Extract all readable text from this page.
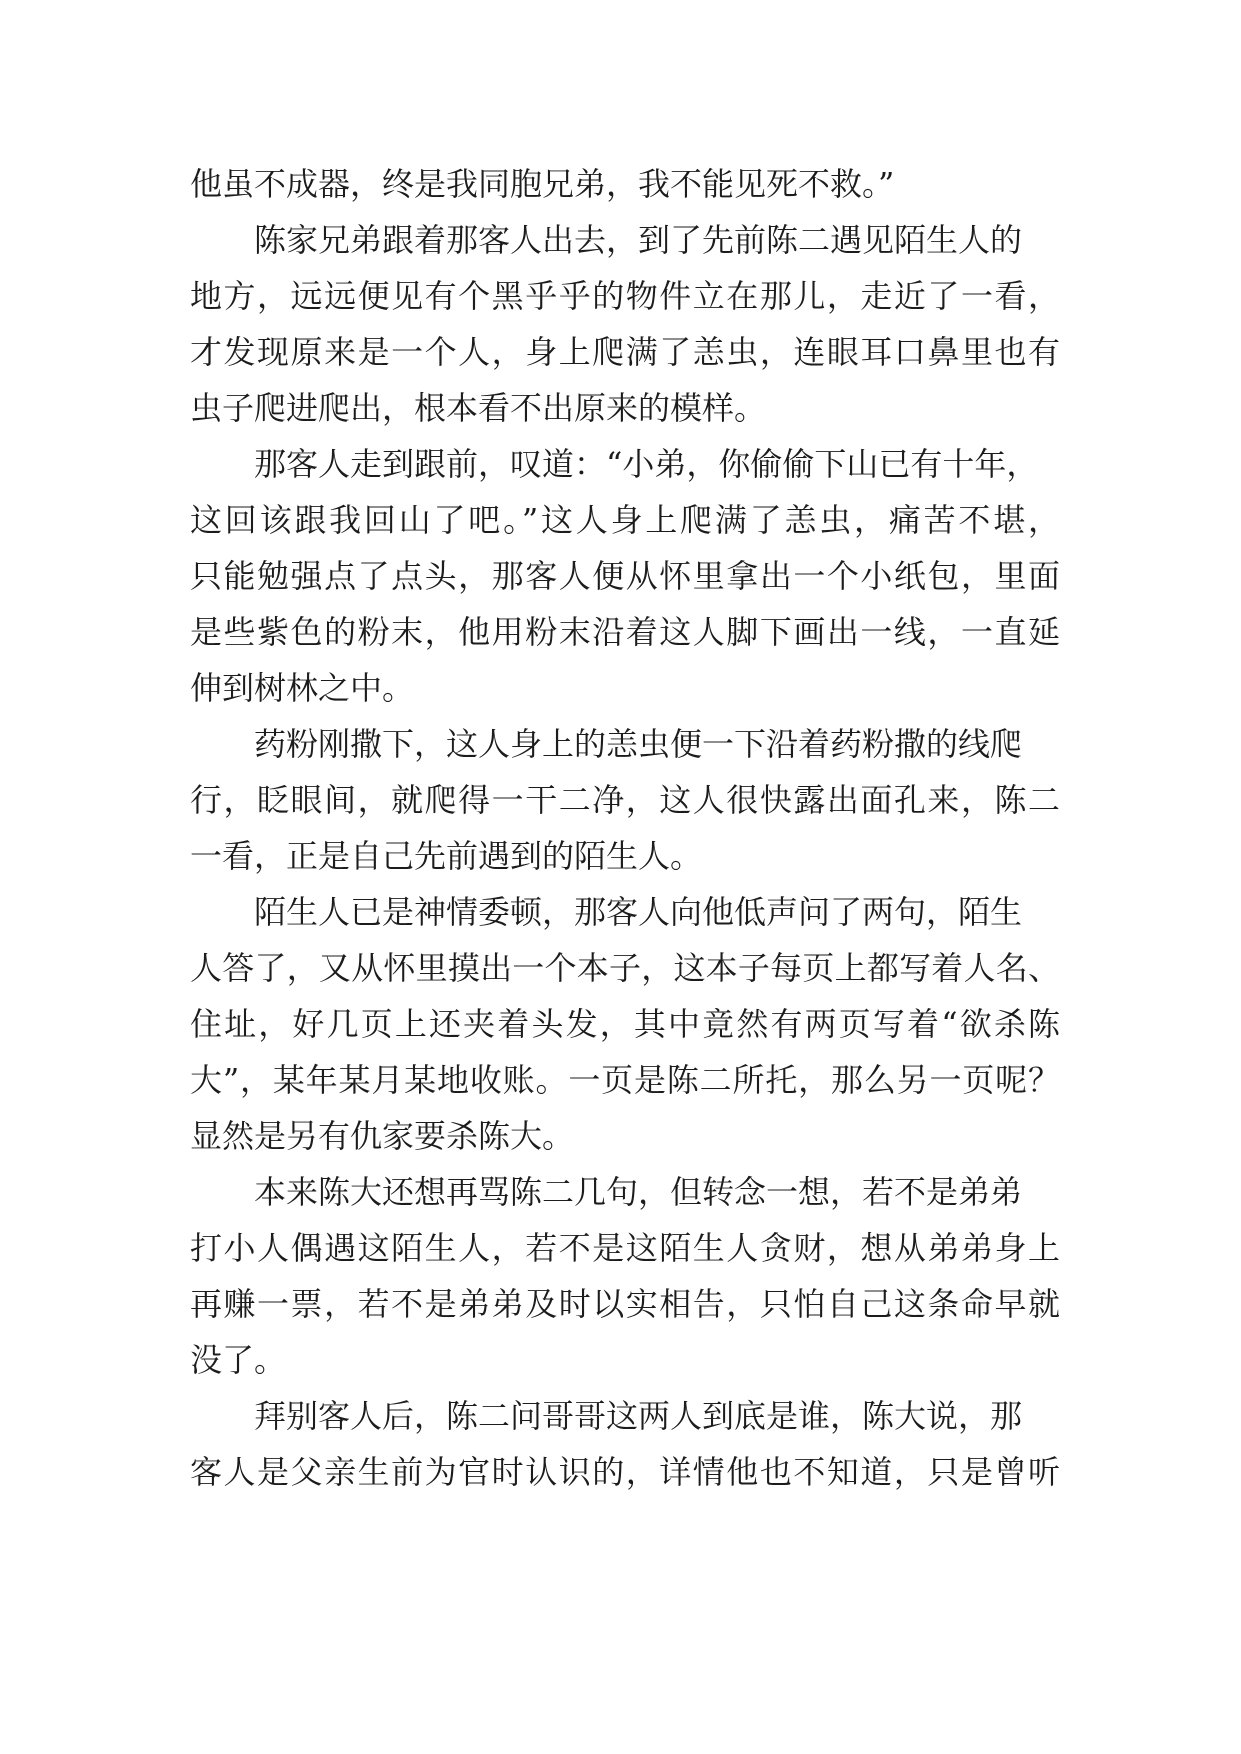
他虽不成器，终是我同胞兄弟，我不能见死不救。”
陈家兄弟跟着那客人出去，到了先前陈二遇见陌生人的
地方，远远便见有个黑乎乎的物件立在那儿，走近了一看，
才发现原来是一个人，身上爬满了恙虫，连眼耳口鼻里也有
虫子爬进爬出，根本看不出原来的模样。
那客人走到跟前，叹道：“小弟，你偷偷下山已有十年，
这回该跟我回山了吧。”这人身上爬满了恙虫，痛苦不堪，
只能勉强点了点头，那客人便从怀里拿出一个小纸包，里面
是些紫色的粉末，他用粉末沿着这人脚下画出一线，一直延
伸到树林之中。
药粉刚撒下，这人身上的恙虫便一下沿着药粉撒的线爬
行，眨眼间，就爬得一干二净，这人很快露出面孔来，陈二
一看，正是自己先前遇到的陌生人。
陌生人已是神情委顿，那客人向他低声问了两句，陌生
人答了，又从怀里摸出一个本子，这本子每页上都写着人名、
住址，好几页上还夹着头发，其中竟然有两页写着“欲杀陈
大”，某年某月某地收账。一页是陈二所托，那么另一页呢？
显然是另有仇家要杀陈大。
本来陈大还想再骂陈二几句，但转念一想，若不是弟弟
打小人偶遇这陌生人，若不是这陌生人贪财，想从弟弟身上
再赚一票，若不是弟弟及时以实相告，只怕自己这条命早就
没了。
拜别客人后，陈二问哥哥这两人到底是谁，陈大说，那
客人是父亲生前为官时认识的，详情他也不知道，只是曾听
